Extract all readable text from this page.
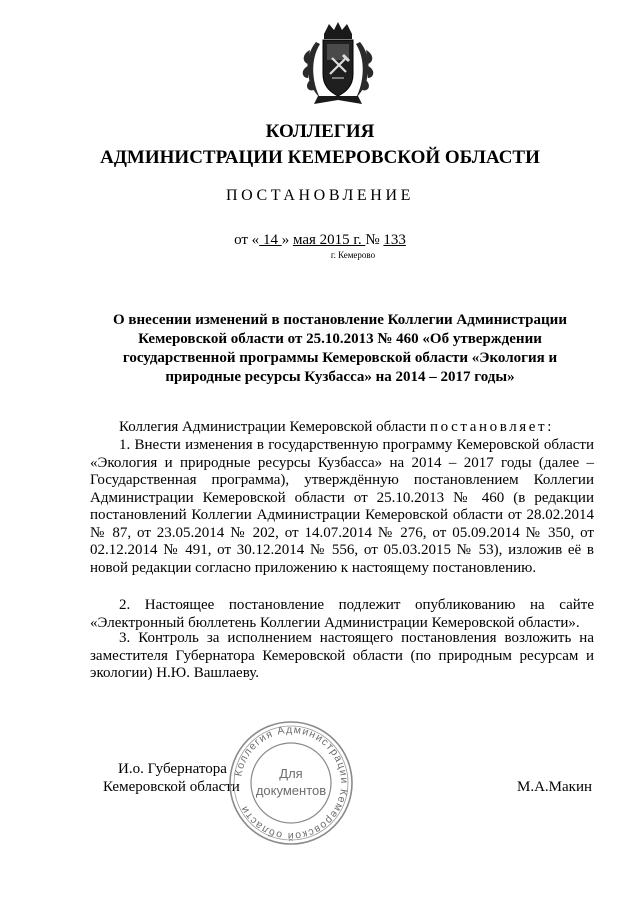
КОЛЛЕГИЯ
АДМИНИСТРАЦИИ КЕМЕРОВСКОЙ ОБЛАСТИ
ПОСТАНОВЛЕНИЕ
от « 14 » мая 2015 г. № 133
г. Кемерово
О внесении изменений в постановление Коллегии Администрации Кемеровской области от 25.10.2013 № 460 «Об утверждении государственной программы Кемеровской области «Экология и природные ресурсы Кузбасса» на 2014 – 2017 годы»
Коллегия Администрации Кемеровской области постановляет:

1. Внести изменения в государственную программу Кемеровской области «Экология и природные ресурсы Кузбасса» на 2014 – 2017 годы (далее – Государственная программа), утверждённую постановлением Коллегии Администрации Кемеровской области от 25.10.2013 № 460 (в редакции постановлений Коллегии Администрации Кемеровской области от 28.02.2014 № 87, от 23.05.2014 № 202, от 14.07.2014 № 276, от 05.09.2014 № 350, от 02.12.2014 № 491, от 30.12.2014 № 556, от 05.03.2015 № 53), изложив её в новой редакции согласно приложению к настоящему постановлению.

2. Настоящее постановление подлежит опубликованию на сайте «Электронный бюллетень Коллегии Администрации Кемеровской области».

3. Контроль за исполнением настоящего постановления возложить на заместителя Губернатора Кемеровской области (по природным ресурсам и экологии) Н.Ю. Вашлаеву.

И.о. Губернатора
Кемеровской области	М.А.Макин
Коллегия Администрации Кемеровской области
Для
документов
